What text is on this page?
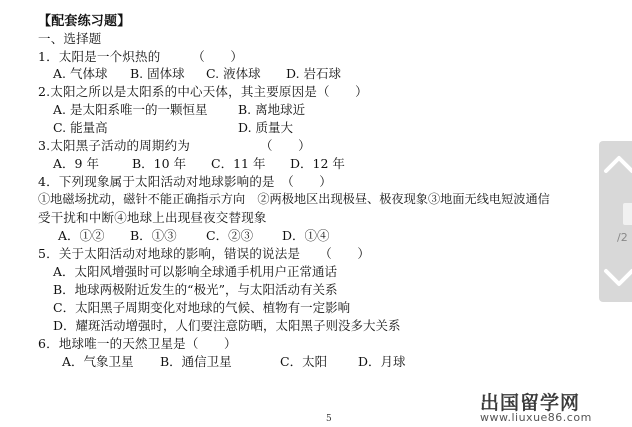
【配套练习题】
一、选择题
1．太阳是一个炽热的　　　（　　）
A. 气体球 B. 固体球 C. 液体球 D. 岩石球
2.太阳之所以是太阳系的中心天体，其主要原因是（　　）
A. 是太阳系唯一的一颗恒星 B. 离地球近
C. 能量高	D. 质量大
3.太阳黑子活动的周期约为　　　　　　（　　）
A．9 年	B．10 年 C．11 年 D．12 年
4．下列现象属于太阳活动对地球影响的是　（　　）
①地磁场扰动，磁针不能正确指示方向　②两极地区出现极昼、极夜现象③地面无线电短波通信
受干扰和中断④地球上出现昼夜交替现象
A．①② B．①③ C．②③ D．①④
5．关于太阳活动对地球的影响，错误的说法是　　（　　）
A．太阳风增强时可以影响全球通手机用户正常通话
B．地球两极附近发生的“极光”，与太阳活动有关系
C．太阳黑子周期变化对地球的气候、植物有一定影响
D．耀斑活动增强时，人们要注意防晒，太阳黑子则没多大关系
6．地球唯一的天然卫星是（　　）
A．气象卫星 B．通信卫星	C．太阳 D．月球
5
/2
出国留学网
www.liuxue86.com
